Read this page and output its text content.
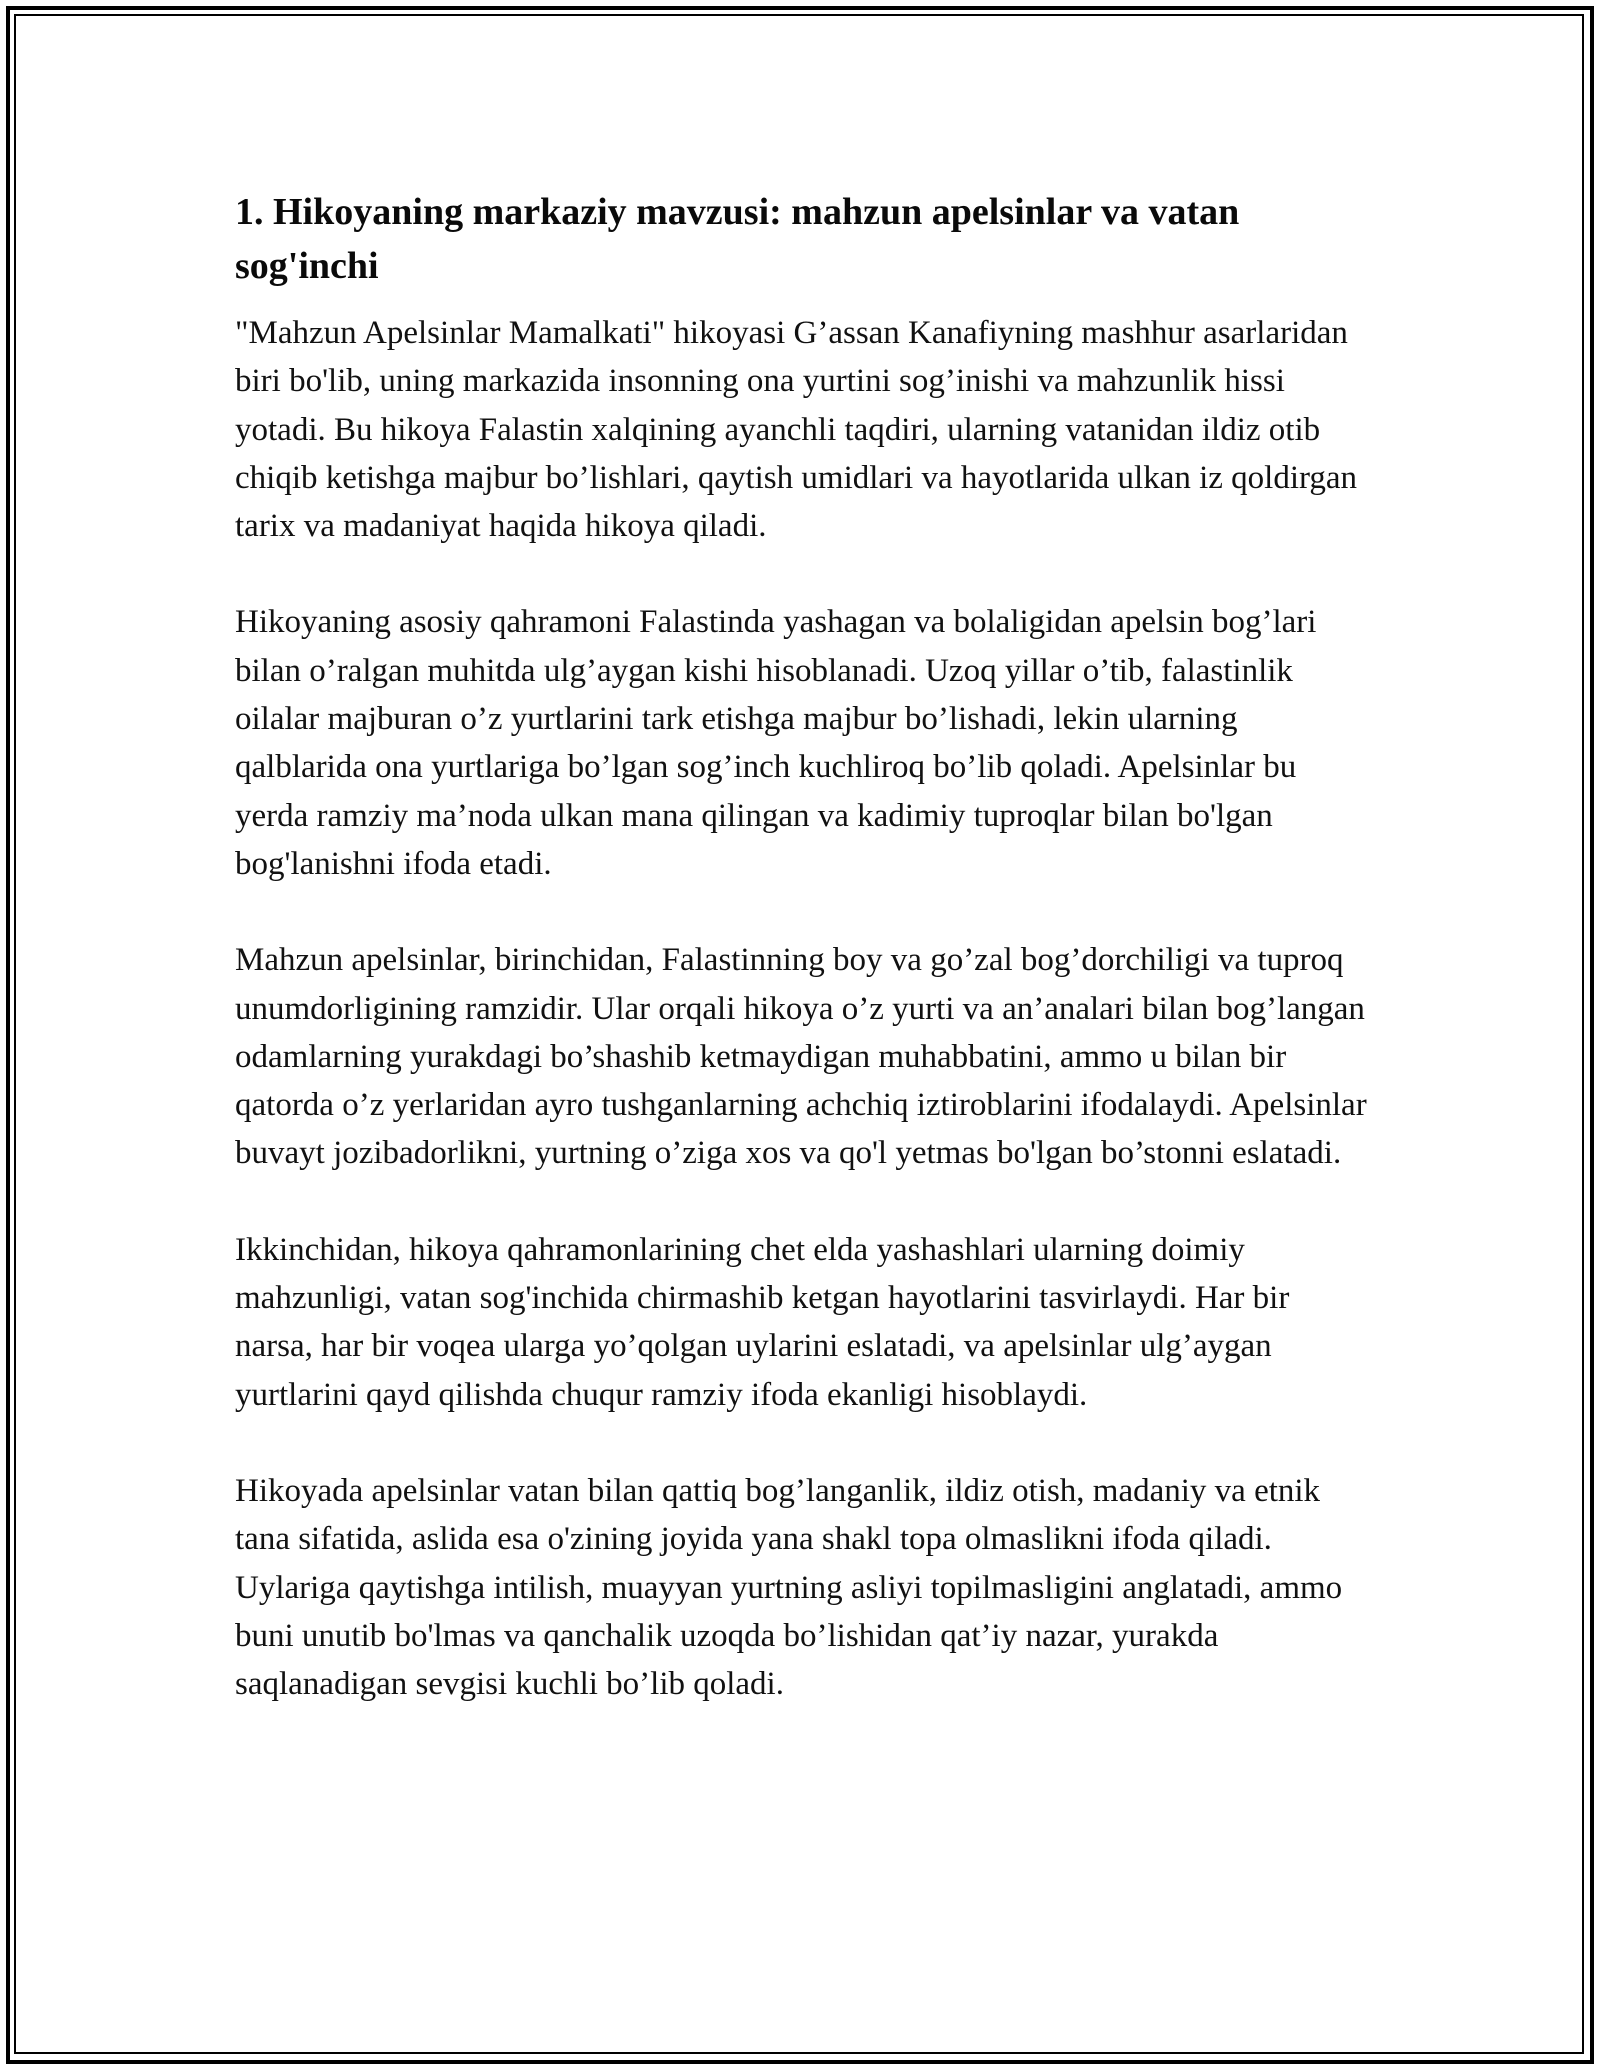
1. Hikoyaning markaziy mavzusi: mahzun apelsinlar va vatan sog'inchi

"Mahzun Apelsinlar Mamalkati" hikoyasi G’assan Kanafiyning mashhur asarlaridan biri bo'lib, uning markazida insonning ona yurtini sog’inishi va mahzunlik hissi yotadi. Bu hikoya Falastin xalqining ayanchli taqdiri, ularning vatanidan ildiz otib chiqib ketishga majbur bo’lishlari, qaytish umidlari va hayotlarida ulkan iz qoldirgan tarix va madaniyat haqida hikoya qiladi.

Hikoyaning asosiy qahramoni Falastinda yashagan va bolaligidan apelsin bog’lari bilan o’ralgan muhitda ulg’aygan kishi hisoblanadi. Uzoq yillar o’tib, falastinlik oilalar majburan o’z yurtlarini tark etishga majbur bo’lishadi, lekin ularning qalblarida ona yurtlariga bo’lgan sog’inch kuchliroq bo’lib qoladi. Apelsinlar bu yerda ramziy ma’noda ulkan mana qilingan va kadimiy tuproqlar bilan bo'lgan bog'lanishni ifoda etadi.

Mahzun apelsinlar, birinchidan, Falastinning boy va go’zal bog’dorchiligi va tuproq unumdorligining ramzidir. Ular orqali hikoya o’z yurti va an’analari bilan bog’langan odamlarning yurakdagi bo’shashib ketmaydigan muhabbatini, ammo u bilan bir qatorda o’z yerlaridan ayro tushganlarning achchiq iztiroblarini ifodalaydi. Apelsinlar buvayt jozibadorlikni, yurtning o’ziga xos va qo'l yetmas bo'lgan bo’stonni eslatadi.

Ikkinchidan, hikoya qahramonlarining chet elda yashashlari ularning doimiy mahzunligi, vatan sog'inchida chirmashib ketgan hayotlarini tasvirlaydi. Har bir narsa, har bir voqea ularga yo’qolgan uylarini eslatadi, va apelsinlar ulg’aygan yurtlarini qayd qilishda chuqur ramziy ifoda ekanligi hisoblaydi.

Hikoyada apelsinlar vatan bilan qattiq bog’langanlik, ildiz otish, madaniy va etnik tana sifatida, aslida esa o'zining joyida yana shakl topa olmaslikni ifoda qiladi. Uylariga qaytishga intilish, muayyan yurtning asliyi topilmasligini anglatadi, ammo buni unutib bo'lmas va qanchalik uzoqda bo’lishidan qat’iy nazar, yurakda saqlanadigan sevgisi kuchli bo’lib qoladi.
